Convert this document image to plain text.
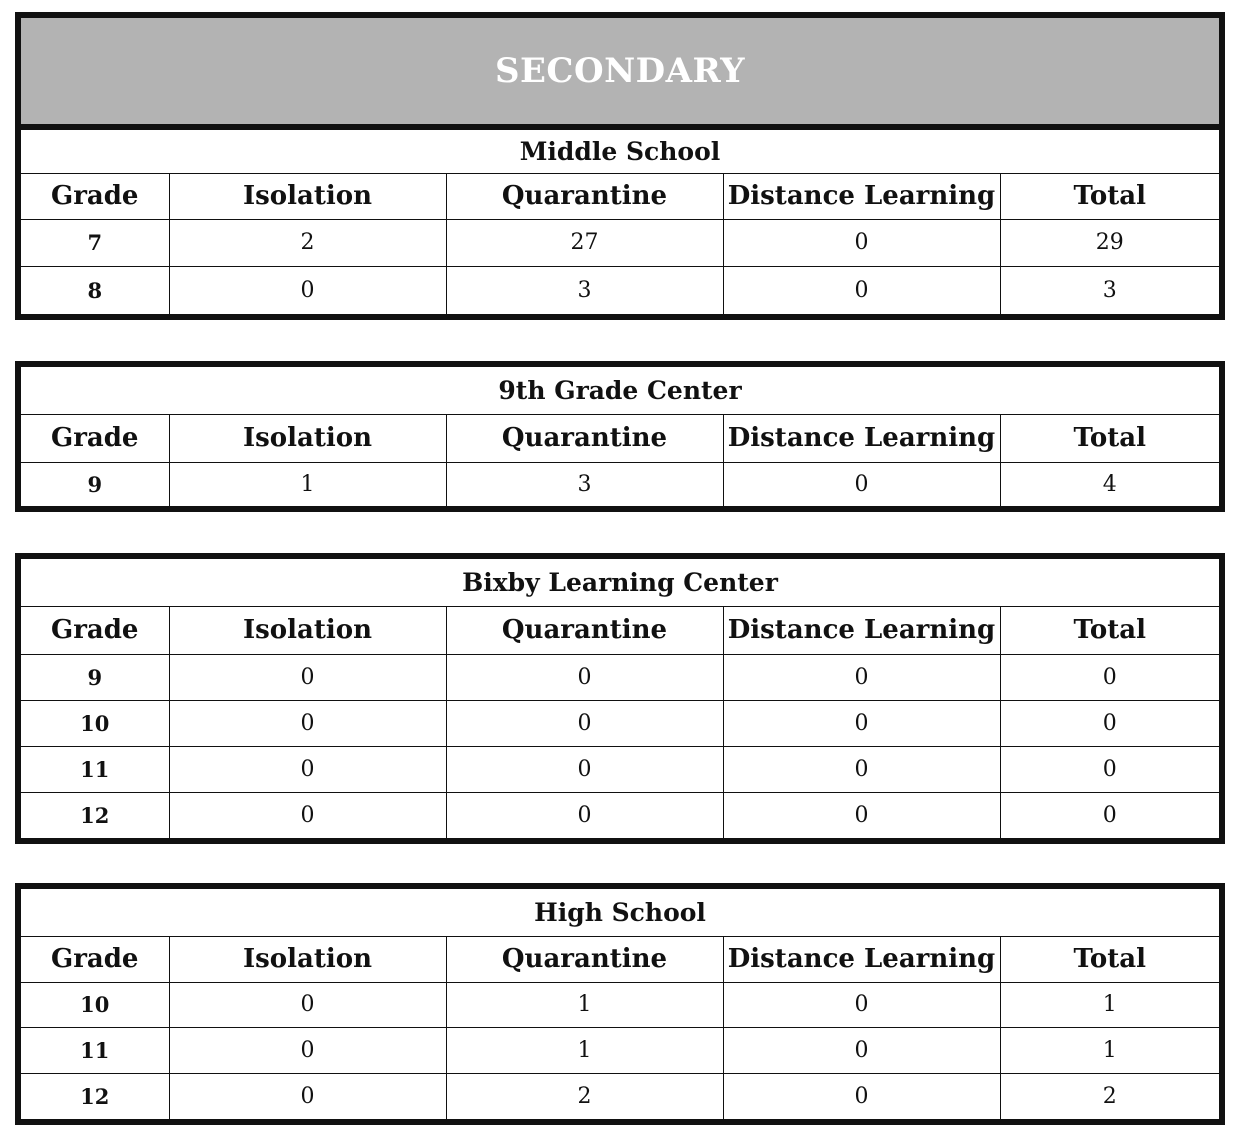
SECONDARY				
Middle School				
Grade	Isolation	Quarantine	Distance Learning	Total
7	2	27	0	29
8	0	3	0	3
9th Grade Center				
Grade	Isolation	Quarantine	Distance Learning	Total
9	1	3	0	4
Bixby Learning Center				
Grade	Isolation	Quarantine	Distance Learning	Total
9	0	0	0	0
10	0	0	0	0
11	0	0	0	0
12	0	0	0	0
High School				
Grade	Isolation	Quarantine	Distance Learning	Total
10	0	1	0	1
11	0	1	0	1
12	0	2	0	2
